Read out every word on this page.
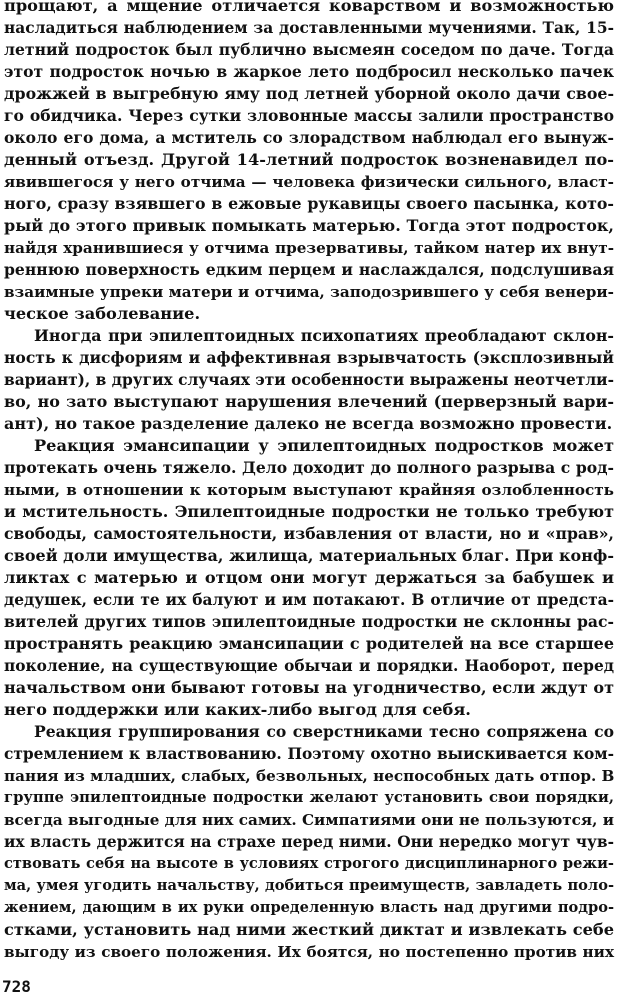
прощают, а мщение отличается коварством и возможностью
насладиться наблюдением за доставленными мучениями. Так, 15-
летний подросток был публично высмеян соседом по даче. Тогда
этот подросток ночью в жаркое лето подбросил несколько пачек
дрожжей в выгребную яму под летней уборной около дачи свое-
го обидчика. Через сутки зловонные массы залили пространство
около его дома, а мститель со злорадством наблюдал его вынуж-
денный отъезд. Другой 14-летний подросток возненавидел по-
явившегося у него отчима — человека физически сильного, власт-
ного, сразу взявшего в ежовые рукавицы своего пасынка, кото-
рый до этого привык помыкать матерью. Тогда этот подросток,
найдя хранившиеся у отчима презервативы, тайком натер их внут-
реннюю поверхность едким перцем и наслаждался, подслушивая
взаимные упреки матери и отчима, заподозрившего у себя венери-
ческое заболевание.
Иногда при эпилептоидных психопатиях преобладают склон-
ность к дисфориям и аффективная взрывчатость (эксплозивный
вариант), в других случаях эти особенности выражены неотчетли-
во, но зато выступают нарушения влечений (перверзный вари-
ант), но такое разделение далеко не всегда возможно провести.
Реакция эмансипации у эпилептоидных подростков может
протекать очень тяжело. Дело доходит до полного разрыва с род-
ными, в отношении к которым выступают крайняя озлобленность
и мстительность. Эпилептоидные подростки не только требуют
свободы, самостоятельности, избавления от власти, но и «прав»,
своей доли имущества, жилища, материальных благ. При конф-
ликтах с матерью и отцом они могут держаться за бабушек и
дедушек, если те их балуют и им потакают. В отличие от предста-
вителей других типов эпилептоидные подростки не склонны рас-
пространять реакцию эмансипации с родителей на все старшее
поколение, на существующие обычаи и порядки. Наоборот, перед
начальством они бывают готовы на угодничество, если ждут от
него поддержки или каких-либо выгод для себя.
Реакция группирования со сверстниками тесно сопряжена со
стремлением к властвованию. Поэтому охотно выискивается ком-
пания из младших, слабых, безвольных, неспособных дать отпор. В
группе эпилептоидные подростки желают установить свои порядки,
всегда выгодные для них самих. Симпатиями они не пользуются, и
их власть держится на страхе перед ними. Они нередко могут чув-
ствовать себя на высоте в условиях строгого дисциплинарного режи-
ма, умея угодить начальству, добиться преимуществ, завладеть поло-
жением, дающим в их руки определенную власть над другими подро-
стками, установить над ними жесткий диктат и извлекать себе
выгоду из своего положения. Их боятся, но постепенно против них
728
